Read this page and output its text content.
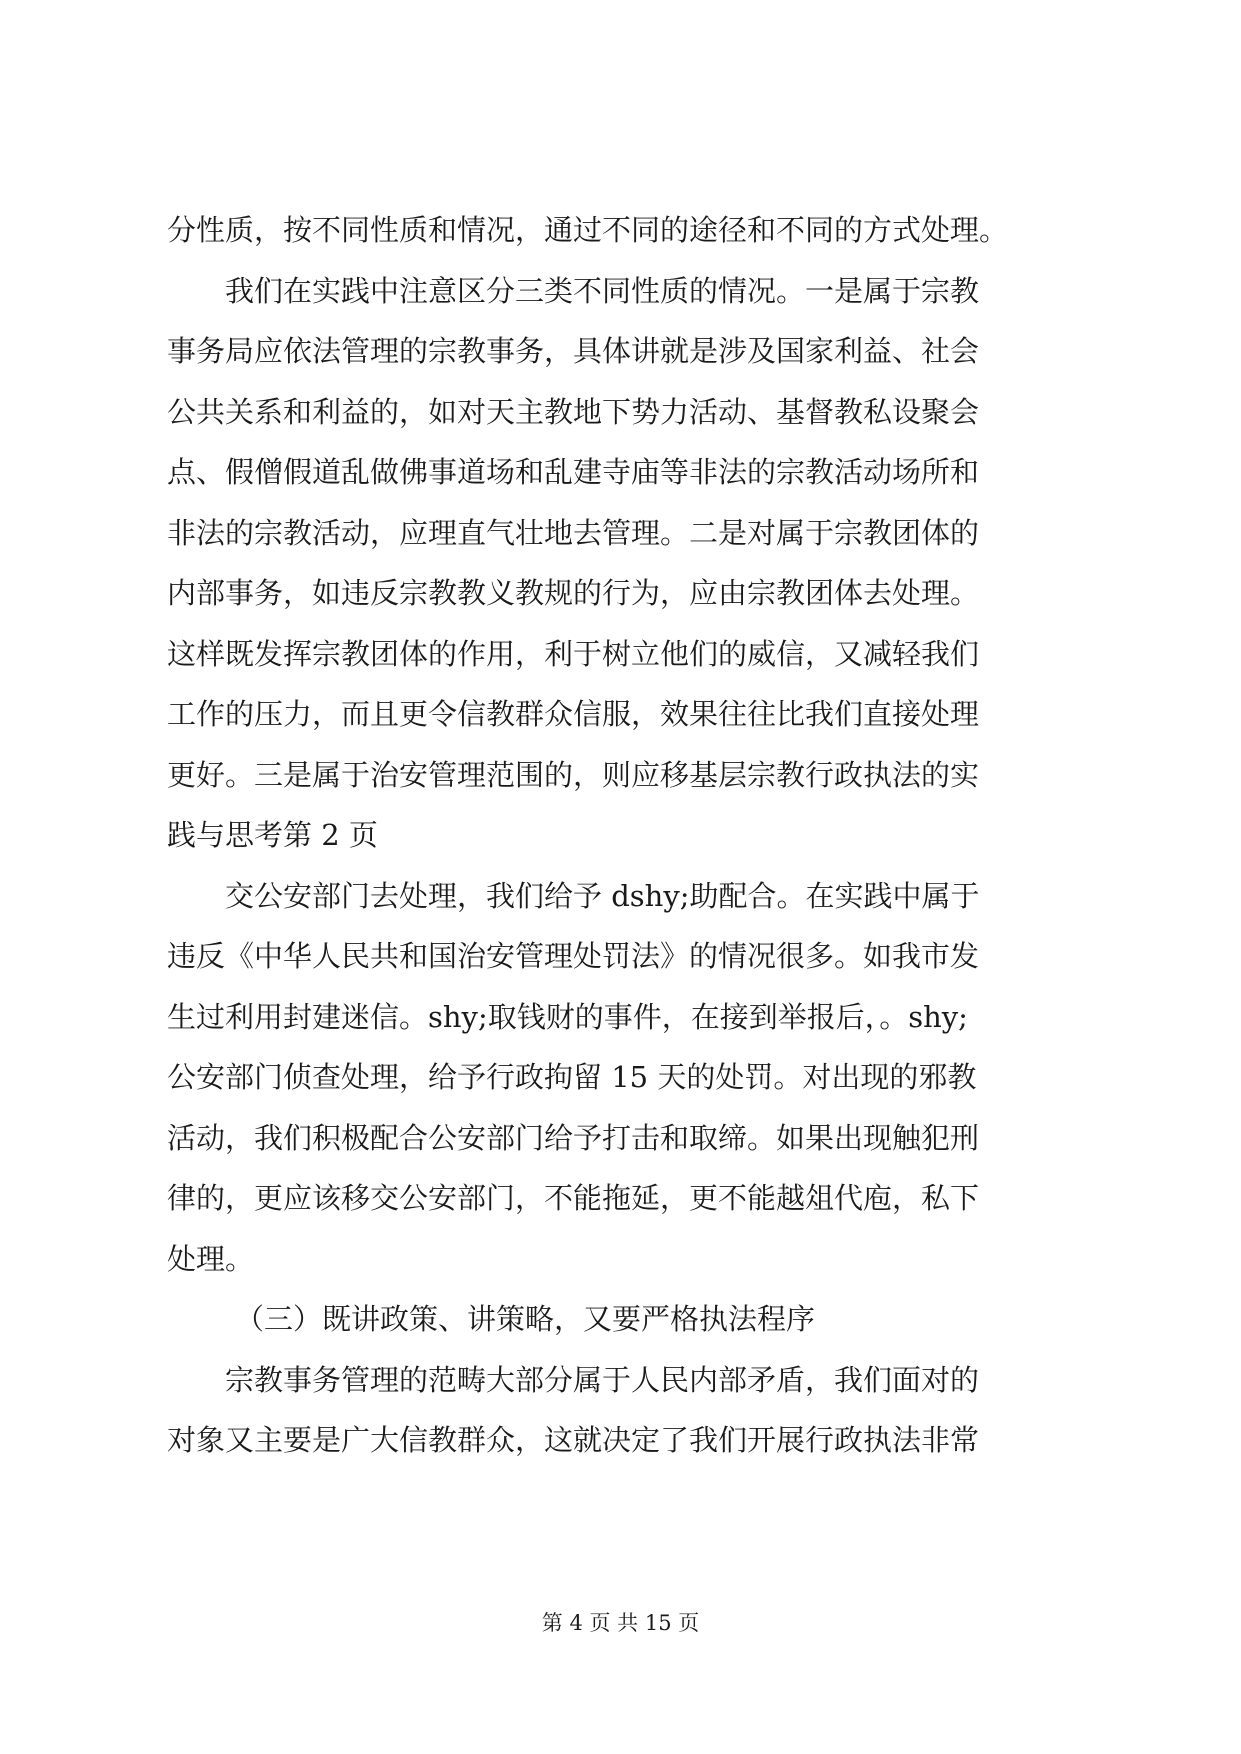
分性质，按不同性质和情况，通过不同的途径和不同的方式处理。
我们在实践中注意区分三类不同性质的情况。一是属于宗教
事务局应依法管理的宗教事务，具体讲就是涉及国家利益、社会
公共关系和利益的，如对天主教地下势力活动、基督教私设聚会
点、假僧假道乱做佛事道场和乱建寺庙等非法的宗教活动场所和
非法的宗教活动，应理直气壮地去管理。二是对属于宗教团体的
内部事务，如违反宗教教义教规的行为，应由宗教团体去处理。
这样既发挥宗教团体的作用，利于树立他们的威信，又减轻我们
工作的压力，而且更令信教群众信服，效果往往比我们直接处理
更好。三是属于治安管理范围的，则应移基层宗教行政执法的实
践与思考第 2 页
交公安部门去处理，我们给予 dshy;助配合。在实践中属于
违反《中华人民共和国治安管理处罚法》的情况很多。如我市发
生过利用封建迷信。shy;取钱财的事件，在接到举报后，。shy;
公安部门侦查处理，给予行政拘留 15 天的处罚。对出现的邪教
活动，我们积极配合公安部门给予打击和取缔。如果出现触犯刑
律的，更应该移交公安部门，不能拖延，更不能越俎代庖，私下
处理。
（三）既讲政策、讲策略，又要严格执法程序
宗教事务管理的范畴大部分属于人民内部矛盾，我们面对的
对象又主要是广大信教群众，这就决定了我们开展行政执法非常
第 4 页 共 15 页
